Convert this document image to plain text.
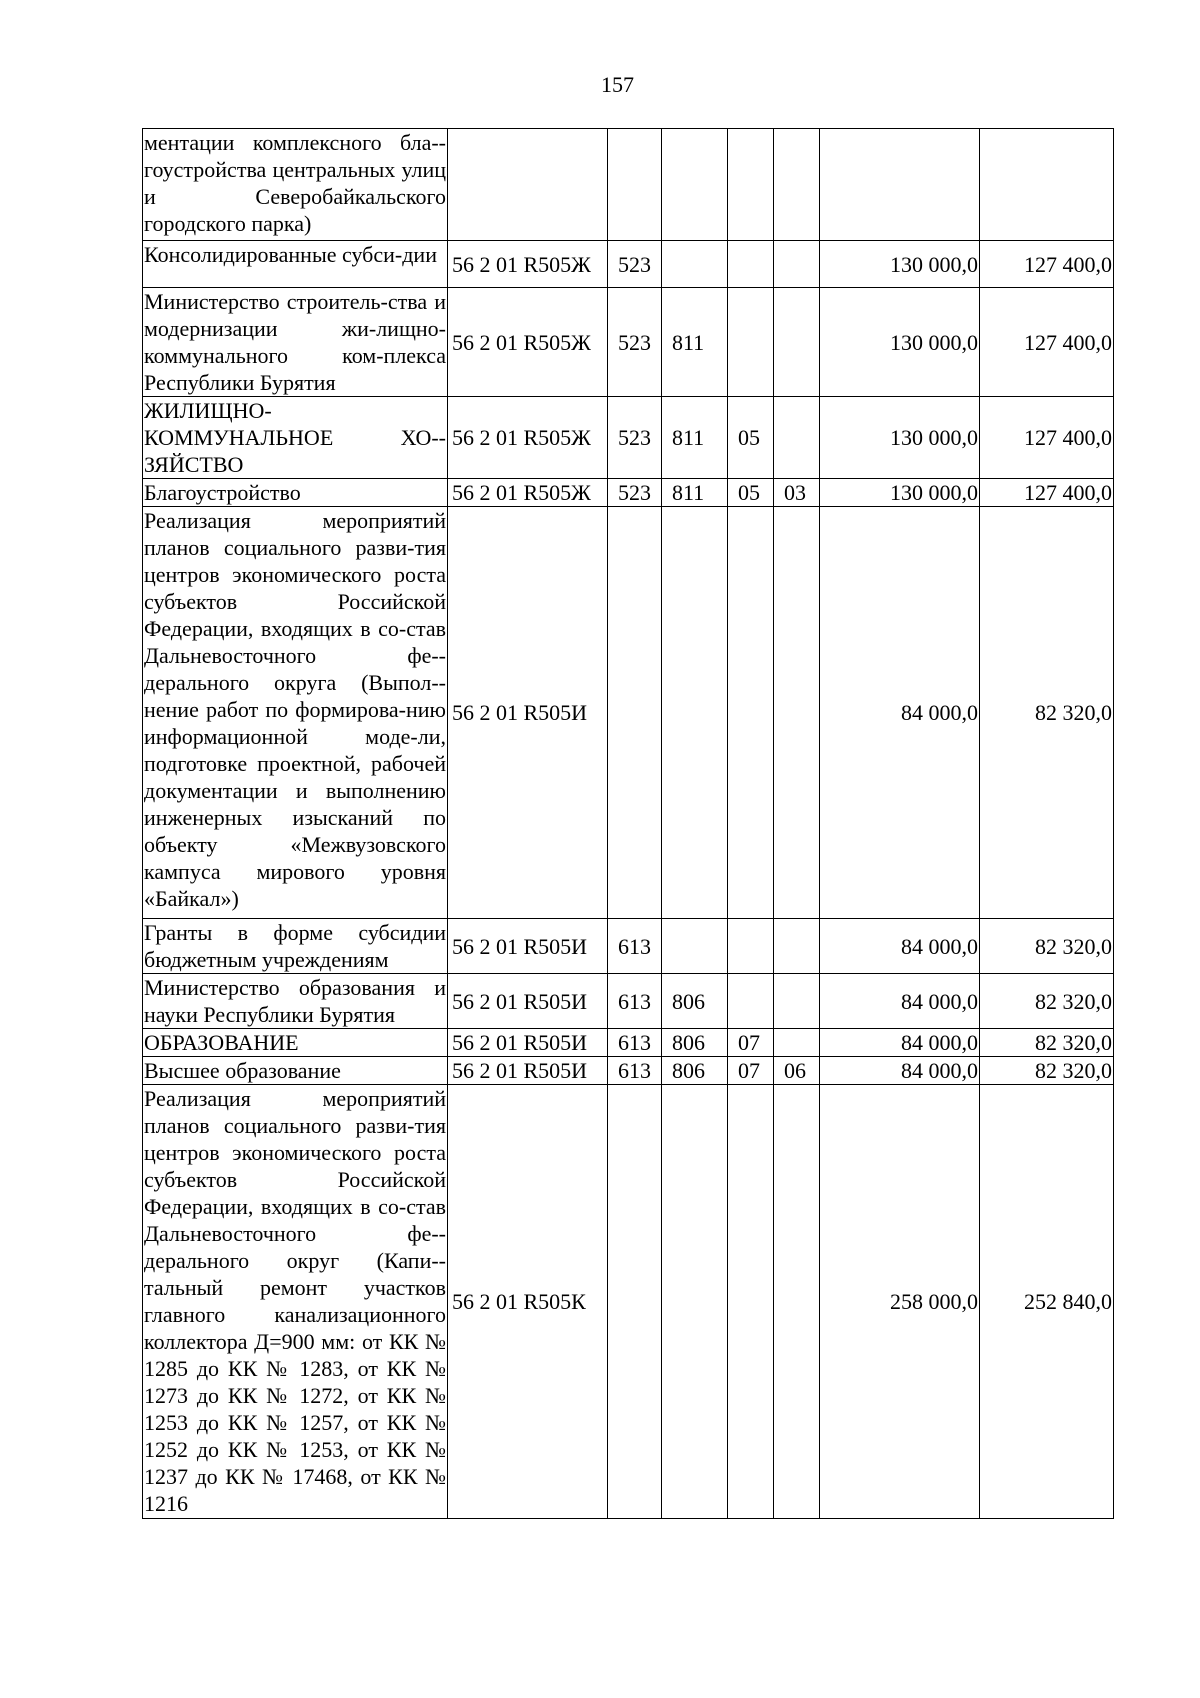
157
ментации комплексного бла-гоустройства центральных улиц и Северобайкальского городского парка)							
Консолидированные субси-дии	56 2 01 R505Ж	523				130 000,0	127 400,0
Министерство строитель-ства и модернизации жи-лищно-коммунального ком-плекса Республики Бурятия	56 2 01 R505Ж	523	811			130 000,0	127 400,0
ЖИЛИЩНО-КОММУНАЛЬНОЕ ХО-ЗЯЙСТВО	56 2 01 R505Ж	523	811	05		130 000,0	127 400,0
Благоустройство	56 2 01 R505Ж	523	811	05	03	130 000,0	127 400,0
Реализация мероприятий планов социального разви-тия центров экономического роста субъектов Российской Федерации, входящих в со-став Дальневосточного фе-дерального округа (Выпол-нение работ по формирова-нию информационной моде-ли, подготовке проектной, рабочей документации и выполнению инженерных изысканий по объекту «Межвузовского кампуса мирового уровня «Байкал»)	56 2 01 R505И					84 000,0	82 320,0
Гранты в форме субсидии бюджетным учреждениям	56 2 01 R505И	613				84 000,0	82 320,0
Министерство образования и науки Республики Бурятия	56 2 01 R505И	613	806			84 000,0	82 320,0
ОБРАЗОВАНИЕ	56 2 01 R505И	613	806	07		84 000,0	82 320,0
Высшее образование	56 2 01 R505И	613	806	07	06	84 000,0	82 320,0
Реализация мероприятий планов социального разви-тия центров экономического роста субъектов Российской Федерации, входящих в со-став Дальневосточного фе-дерального округ (Капи-тальный ремонт участков главного канализационного коллектора Д=900 мм: от КК № 1285 до КК № 1283, от КК № 1273 до КК № 1272, от КК № 1253 до КК № 1257, от КК № 1252 до КК № 1253, от КК № 1237 до КК № 17468, от КК № 1216	56 2 01 R505К					258 000,0	252 840,0
